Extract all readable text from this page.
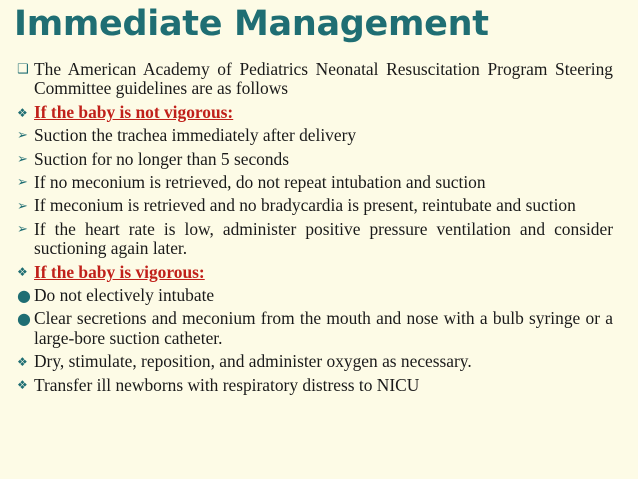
Immediate Management
❑ The American Academy of Pediatrics Neonatal Resuscitation Program Steering Committee guidelines are as follows
❖ If the baby is not vigorous:
➢ Suction the trachea immediately after delivery
➢ Suction for no longer than 5 seconds
➢ If no meconium is retrieved, do not repeat intubation and suction
➢ If meconium is retrieved and no bradycardia is present, reintubate and suction
➢ If the heart rate is low, administer positive pressure ventilation and consider suctioning again later.
❖ If the baby is vigorous:
● Do not electively intubate
● Clear secretions and meconium from the mouth and nose with a bulb syringe or a large-bore suction catheter.
❖ Dry, stimulate, reposition, and administer oxygen as necessary.
❖ Transfer ill newborns with respiratory distress to NICU
